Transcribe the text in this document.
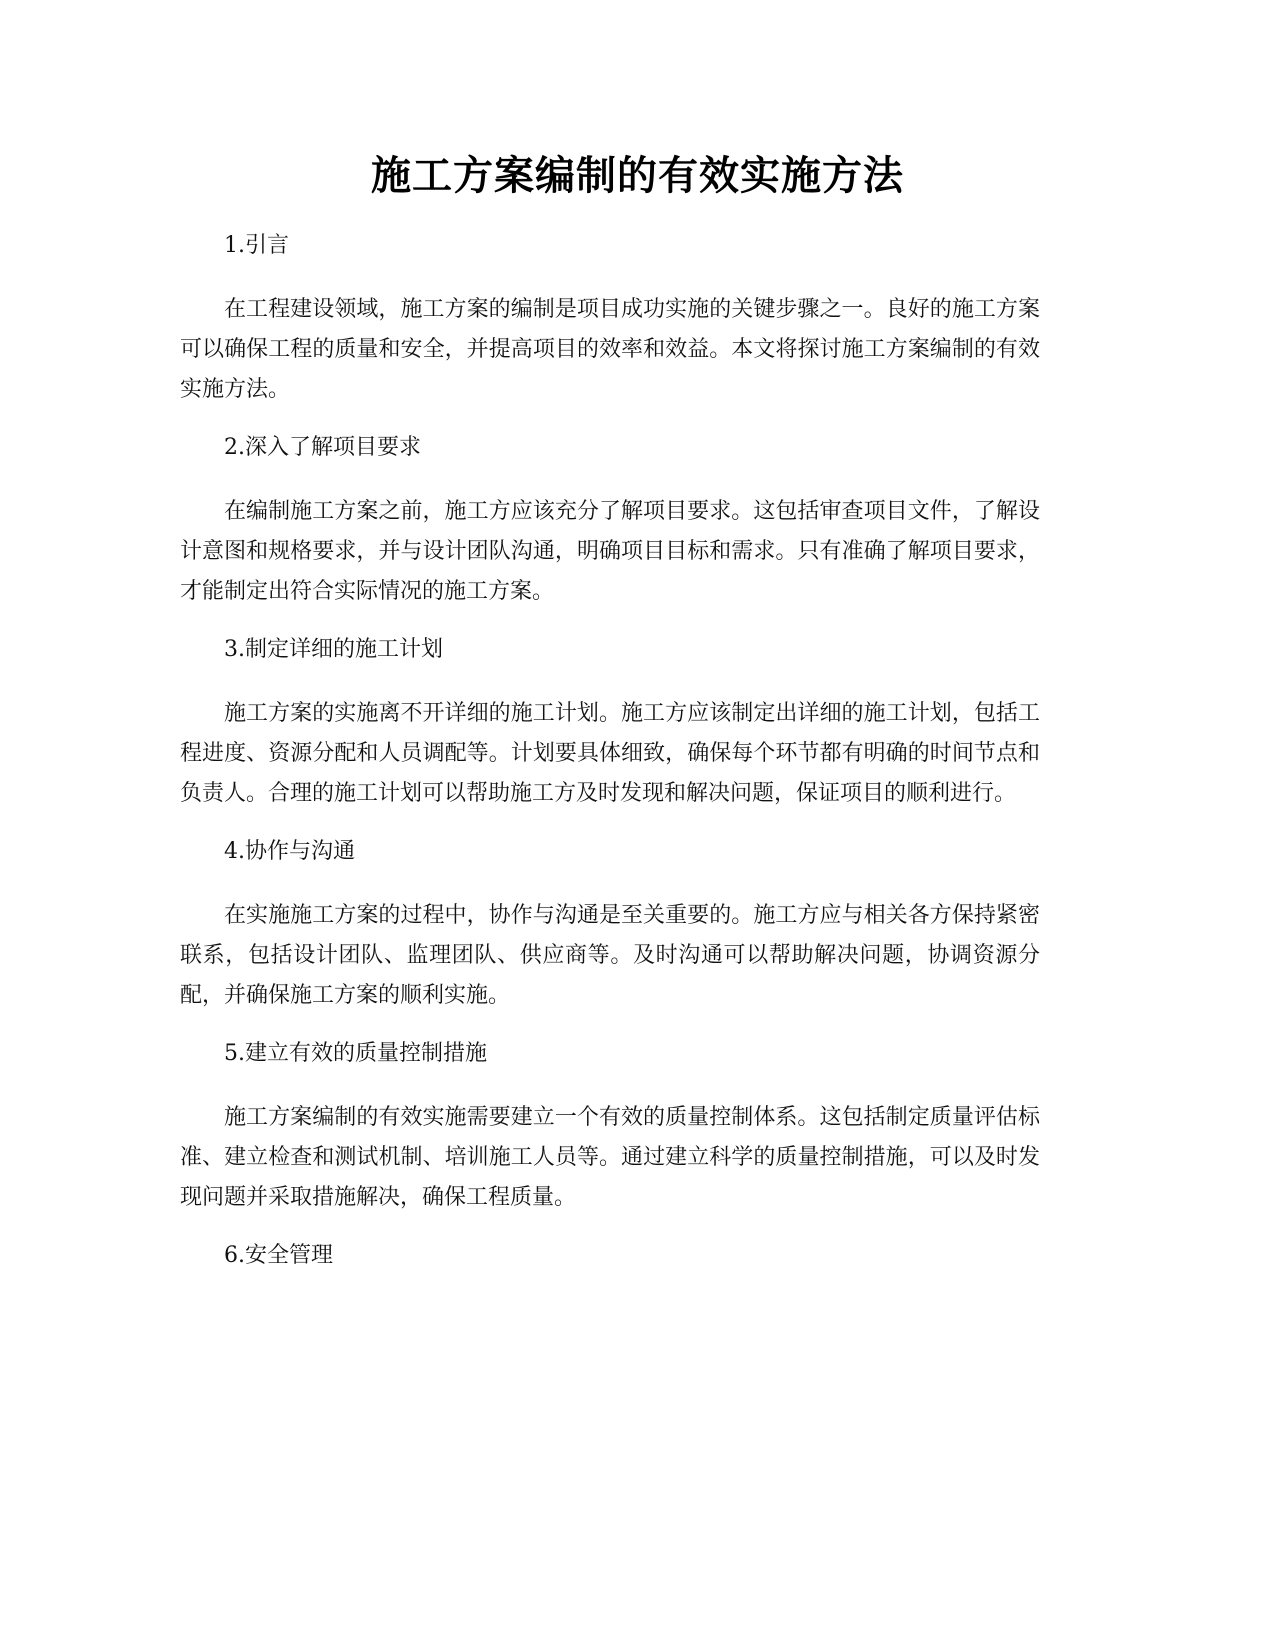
施工方案编制的有效实施方法
1.引言
在工程建设领域，施工方案的编制是项目成功实施的关键步骤之一。良好的施工方案可以确保工程的质量和安全，并提高项目的效率和效益。本文将探讨施工方案编制的有效实施方法。
2.深入了解项目要求
在编制施工方案之前，施工方应该充分了解项目要求。这包括审查项目文件，了解设计意图和规格要求，并与设计团队沟通，明确项目目标和需求。只有准确了解项目要求，才能制定出符合实际情况的施工方案。
3.制定详细的施工计划
施工方案的实施离不开详细的施工计划。施工方应该制定出详细的施工计划，包括工程进度、资源分配和人员调配等。计划要具体细致，确保每个环节都有明确的时间节点和负责人。合理的施工计划可以帮助施工方及时发现和解决问题，保证项目的顺利进行。
4.协作与沟通
在实施施工方案的过程中，协作与沟通是至关重要的。施工方应与相关各方保持紧密联系，包括设计团队、监理团队、供应商等。及时沟通可以帮助解决问题，协调资源分配，并确保施工方案的顺利实施。
5.建立有效的质量控制措施
施工方案编制的有效实施需要建立一个有效的质量控制体系。这包括制定质量评估标准、建立检查和测试机制、培训施工人员等。通过建立科学的质量控制措施，可以及时发现问题并采取措施解决，确保工程质量。
6.安全管理
